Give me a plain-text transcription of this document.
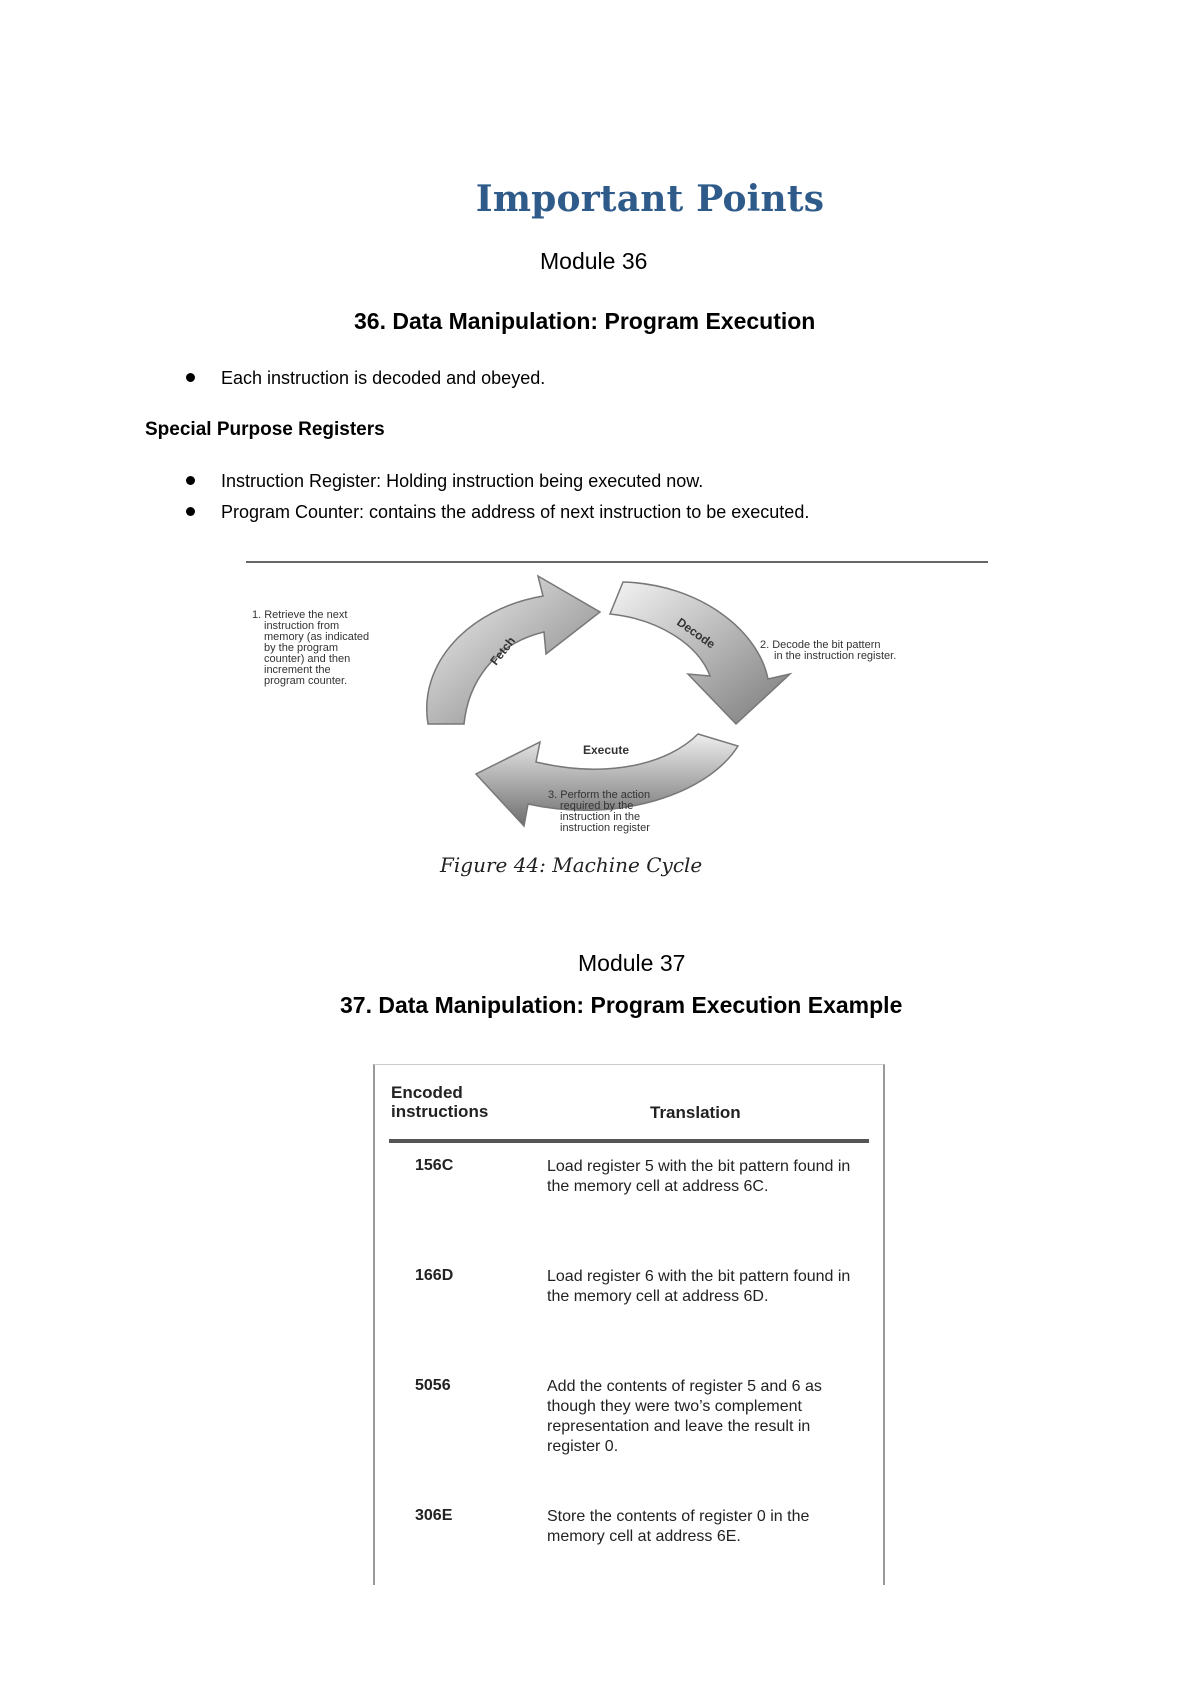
Important Points
Module 36
36. Data Manipulation: Program Execution
Each instruction is decoded and obeyed.
Special Purpose Registers
Instruction Register: Holding instruction being executed now.
Program Counter: contains the address of next instruction to be executed.
Fetch	Decode
Execute
1. Retrieve the next
instruction from
memory (as indicated
by the program
counter) and then
increment the
program counter.
2. Decode the bit pattern
in the instruction register.
3. Perform the action
required by the
instruction in the
instruction register
Figure 44: Machine Cycle
Module 37
37. Data Manipulation: Program Execution Example
Encoded
instructions	Translation
156C	Load register 5 with the bit pattern found in the memory cell at address 6C.
166D	Load register 6 with the bit pattern found in the memory cell at address 6D.
5056	Add the contents of register 5 and 6 as though they were two’s complement representation and leave the result in register 0.
306E	Store the contents of register 0 in the memory cell at address 6E.
